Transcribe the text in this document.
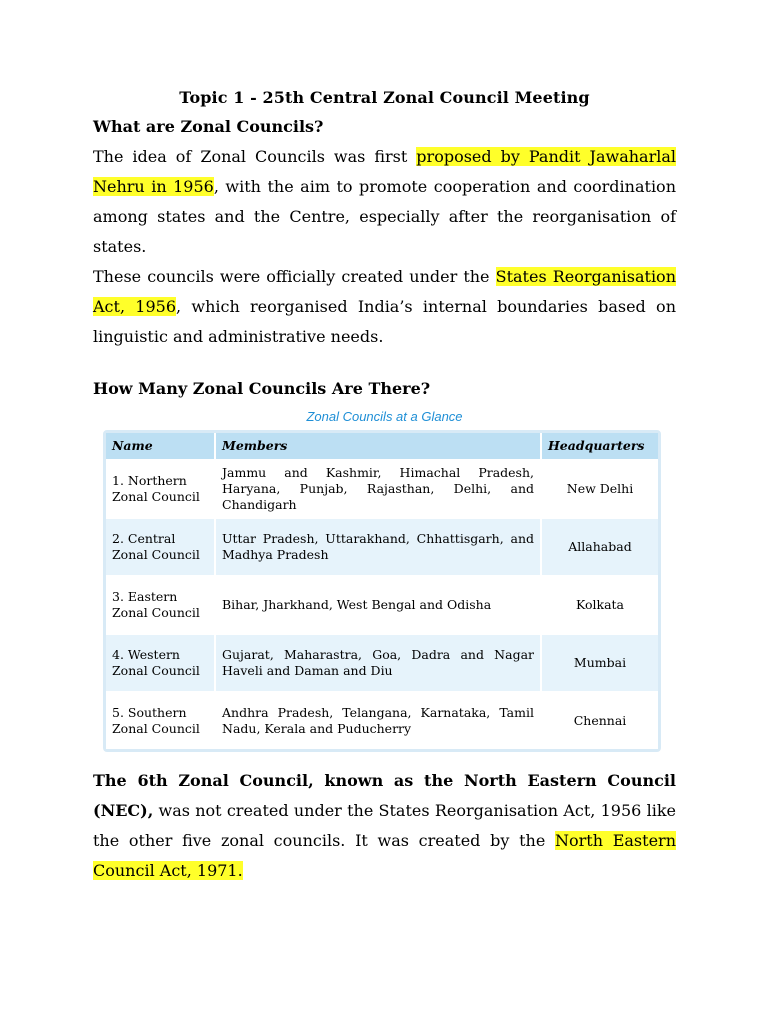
Topic 1 - 25th Central Zonal Council Meeting

What are Zonal Councils?

The idea of Zonal Councils was first proposed by Pandit Jawaharlal Nehru in 1956, with the aim to promote cooperation and coordination among states and the Centre, especially after the reorganisation of states.

These councils were officially created under the States Reorganisation Act, 1956, which reorganised India’s internal boundaries based on linguistic and administrative needs.

How Many Zonal Councils Are There?

Zonal Councils at a Glance
Name	Members	Headquarters
1. Northern Zonal Council	Jammu and Kashmir, Himachal Pradesh, Haryana, Punjab, Rajasthan, Delhi, and Chandigarh	New Delhi
2. Central Zonal Council	Uttar Pradesh, Uttarakhand, Chhattisgarh, and Madhya Pradesh	Allahabad
3. Eastern Zonal Council	Bihar, Jharkhand, West Bengal and Odisha	Kolkata
4. Western Zonal Council	Gujarat, Maharastra, Goa, Dadra and Nagar Haveli and Daman and Diu	Mumbai
5. Southern Zonal Council	Andhra Pradesh, Telangana, Karnataka, Tamil Nadu, Kerala and Puducherry	Chennai

The 6th Zonal Council, known as the North Eastern Council (NEC), was not created under the States Reorganisation Act, 1956 like the other five zonal councils. It was created by the North Eastern Council Act, 1971.
